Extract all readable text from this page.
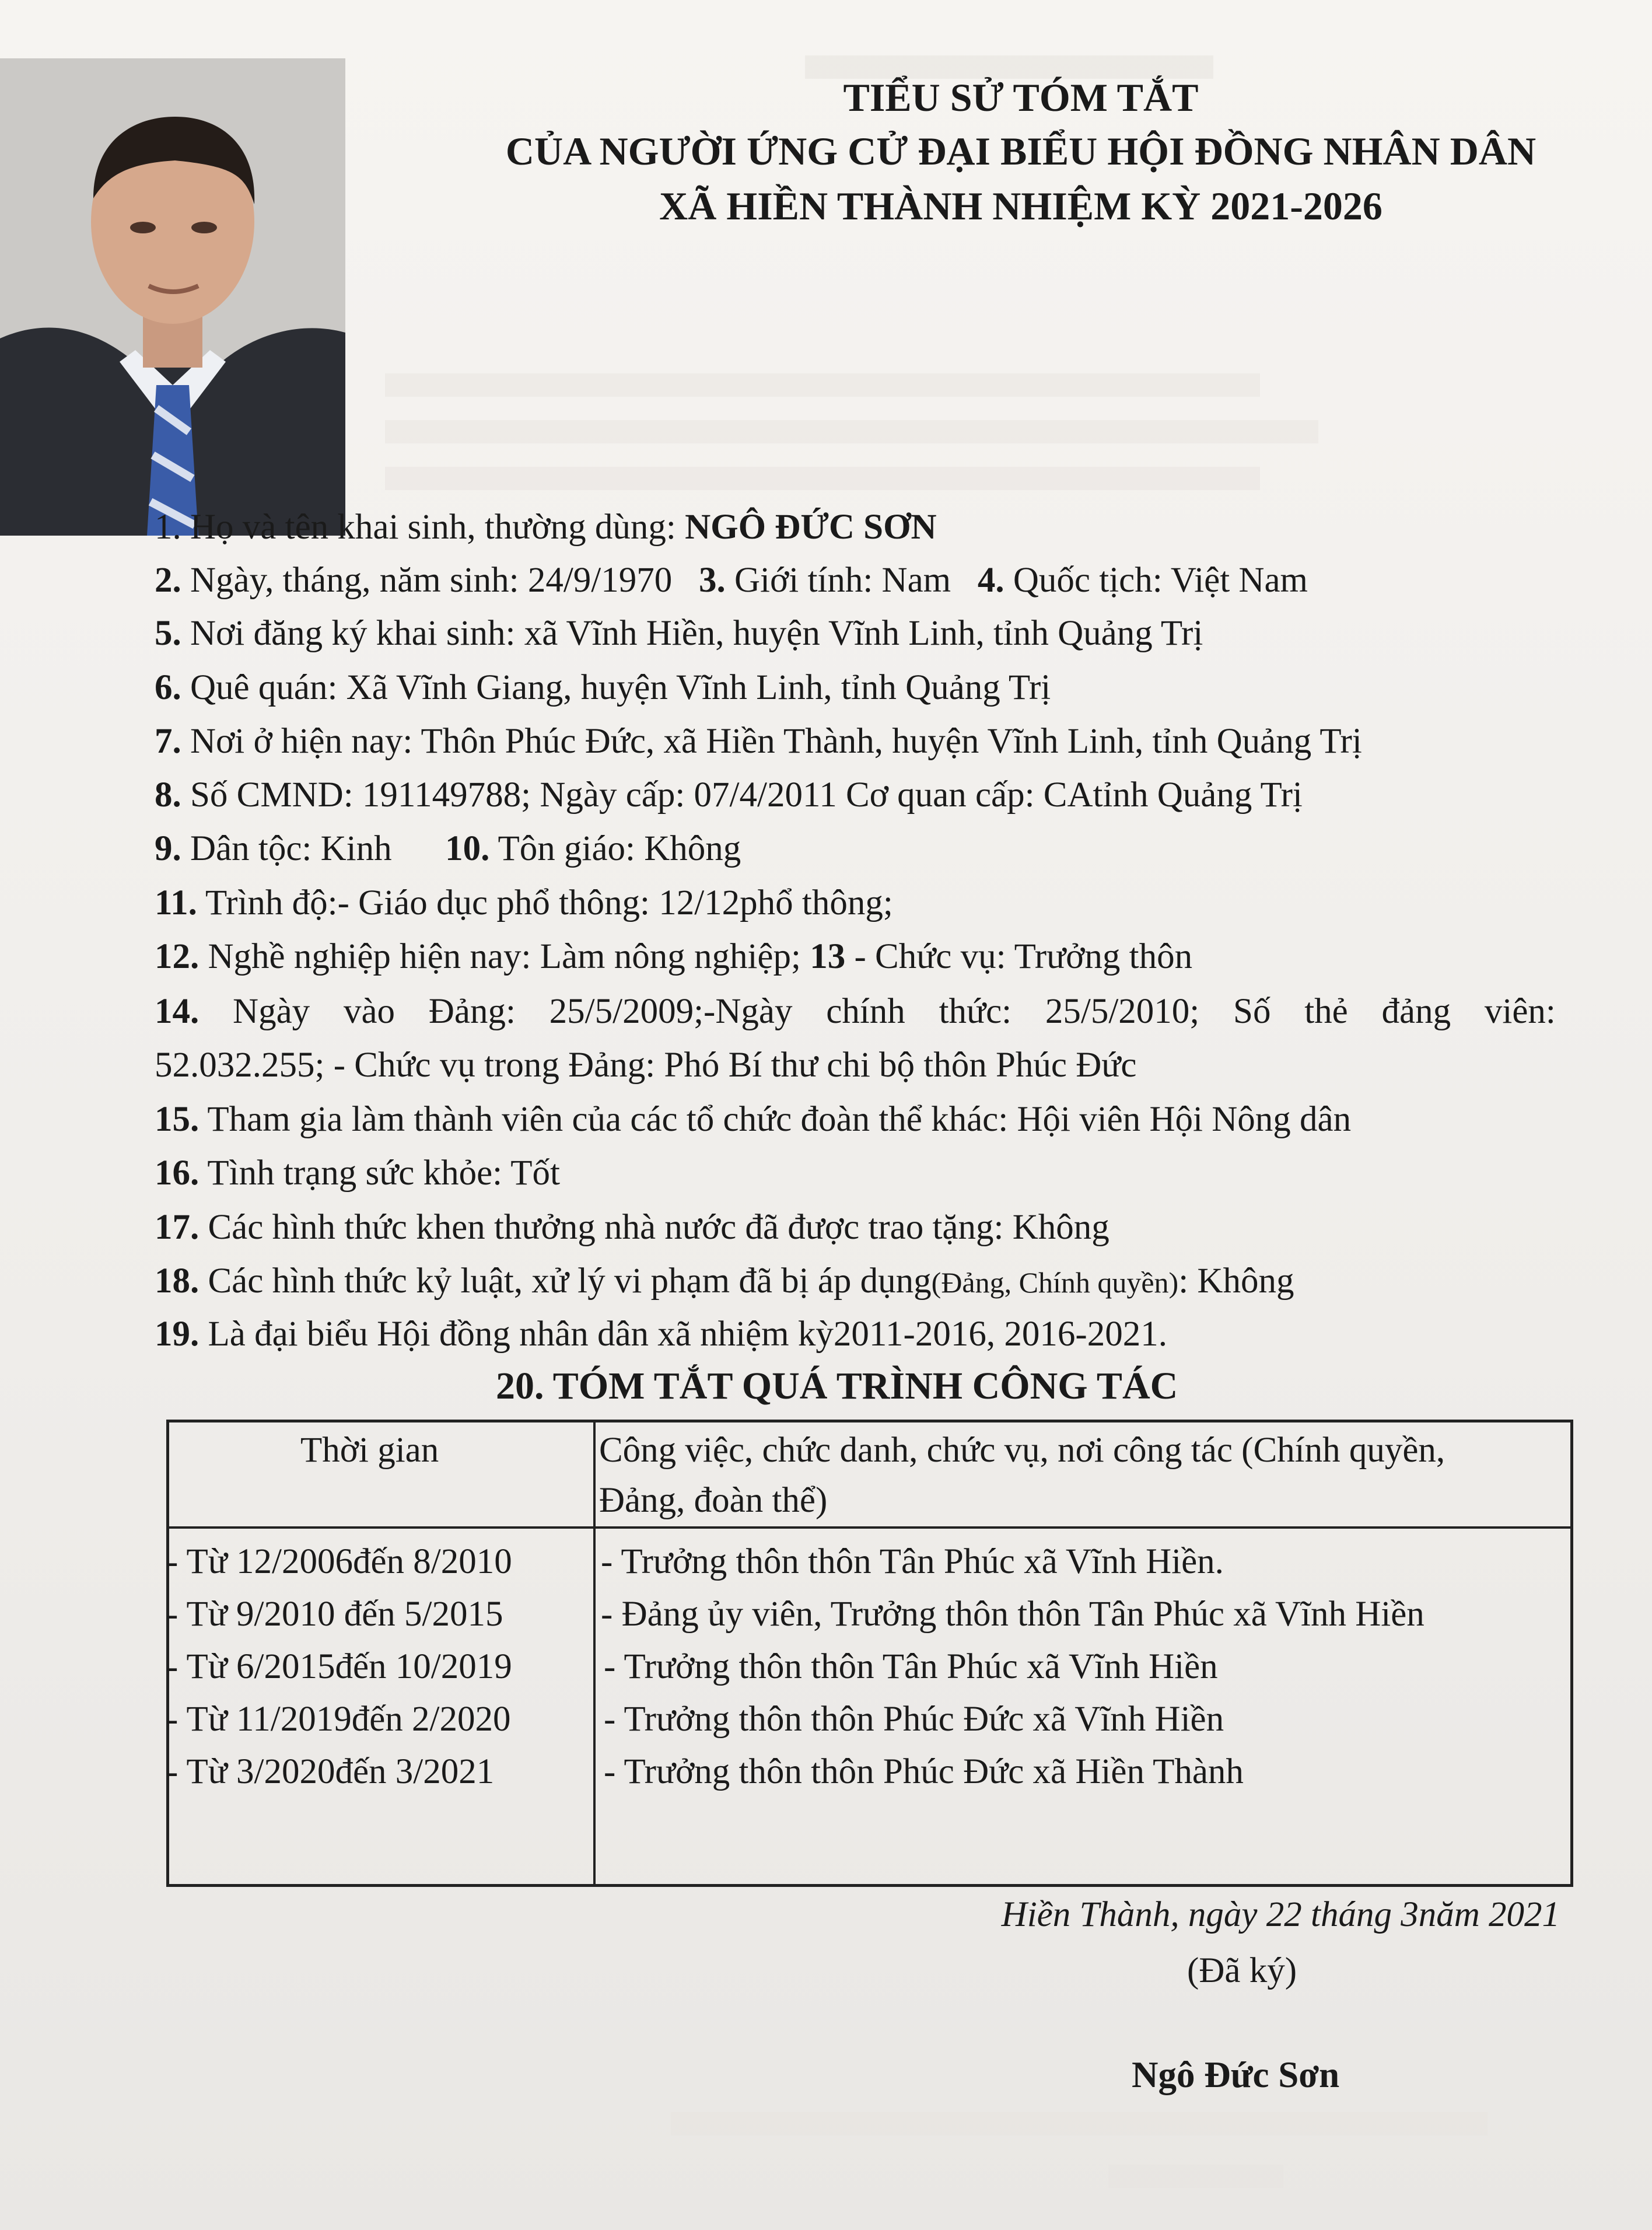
TIỂU SỬ TÓM TẮT
CỦA NGƯỜI ỨNG CỬ ĐẠI BIỂU HỘI ĐỒNG NHÂN DÂN
XÃ HIỀN THÀNH NHIỆM KỲ 2021-2026
1. Họ và tên khai sinh, thường dùng: NGÔ ĐỨC SƠN
2. Ngày, tháng, năm sinh: 24/9/1970 3. Giới tính: Nam 4. Quốc tịch: Việt Nam
5. Nơi đăng ký khai sinh: xã Vĩnh Hiền, huyện Vĩnh Linh, tỉnh Quảng Trị
6. Quê quán: Xã Vĩnh Giang, huyện Vĩnh Linh, tỉnh Quảng Trị
7. Nơi ở hiện nay: Thôn Phúc Đức, xã Hiền Thành, huyện Vĩnh Linh, tỉnh Quảng Trị
8. Số CMND: 191149788; Ngày cấp: 07/4/2011 Cơ quan cấp: CAtỉnh Quảng Trị
9. Dân tộc: Kinh 10. Tôn giáo: Không
11. Trình độ:- Giáo dục phổ thông: 12/12phổ thông;
12. Nghề nghiệp hiện nay: Làm nông nghiệp; 13 - Chức vụ: Trưởng thôn
14. Ngày vào Đảng: 25/5/2009;-Ngày chính thức: 25/5/2010; Số thẻ đảng viên:
52.032.255; - Chức vụ trong Đảng: Phó Bí thư chi bộ thôn Phúc Đức
15. Tham gia làm thành viên của các tổ chức đoàn thể khác: Hội viên Hội Nông dân
16. Tình trạng sức khỏe: Tốt
17. Các hình thức khen thưởng nhà nước đã được trao tặng: Không
18. Các hình thức kỷ luật, xử lý vi phạm đã bị áp dụng(Đảng, Chính quyền): Không
19. Là đại biểu Hội đồng nhân dân xã nhiệm kỳ2011-2016, 2016-2021.
20. TÓM TẮT QUÁ TRÌNH CÔNG TÁC
Thời gian	Công việc, chức danh, chức vụ, nơi công tác (Chính quyền,
Đảng, đoàn thể)
- Từ 12/2006đến 8/2010 - Trưởng thôn thôn Tân Phúc xã Vĩnh Hiền.
- Từ 9/2010 đến 5/2015	- Đảng ủy viên, Trưởng thôn thôn Tân Phúc xã Vĩnh Hiền
- Từ 6/2015đến 10/2019	- Trưởng thôn thôn Tân Phúc xã Vĩnh Hiền
- Từ 11/2019đến 2/2020	- Trưởng thôn thôn Phúc Đức xã Vĩnh Hiền
- Từ 3/2020đến 3/2021	- Trưởng thôn thôn Phúc Đức xã Hiền Thành
Hiền Thành, ngày 22 tháng 3năm 2021
(Đã ký)
Ngô Đức Sơn
